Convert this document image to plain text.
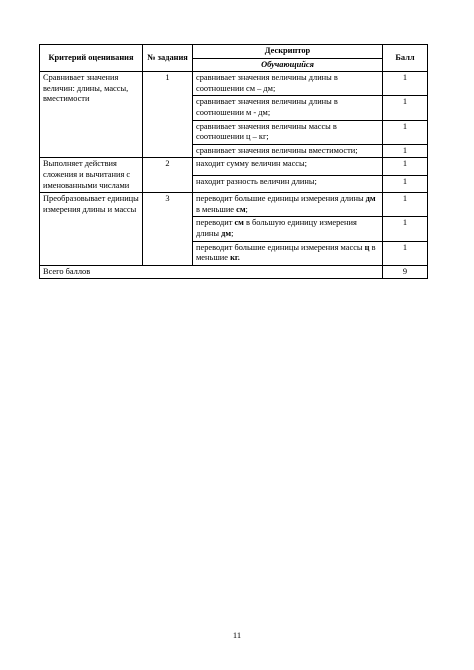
Критерий оценивания	№ задания	Дескриптор	Балл
		Обучающийся	
Сравнивает значения величин: длины, массы, вместимости	1	сравнивает значения величины длины в соотношении см – дм;	1
		сравнивает значения величины длины в соотношении м - дм;	1
		сравнивает значения величины массы в соотношении ц – кг;	1
		сравнивает значения величины вместимости;	1
Выполняет действия сложения и вычитания с именованными числами	2	находит сумму величин массы;	1
		находит разность величин длины;	1
Преобразовывает единицы измерения длины и массы	3	переводит большие единицы измерения длины дм в меньшие см;	1
		переводит см в большую единицу измерения длины дм;	1
		переводит большие единицы измерения массы ц в меньшие кг.	1
Всего баллов			9
11
